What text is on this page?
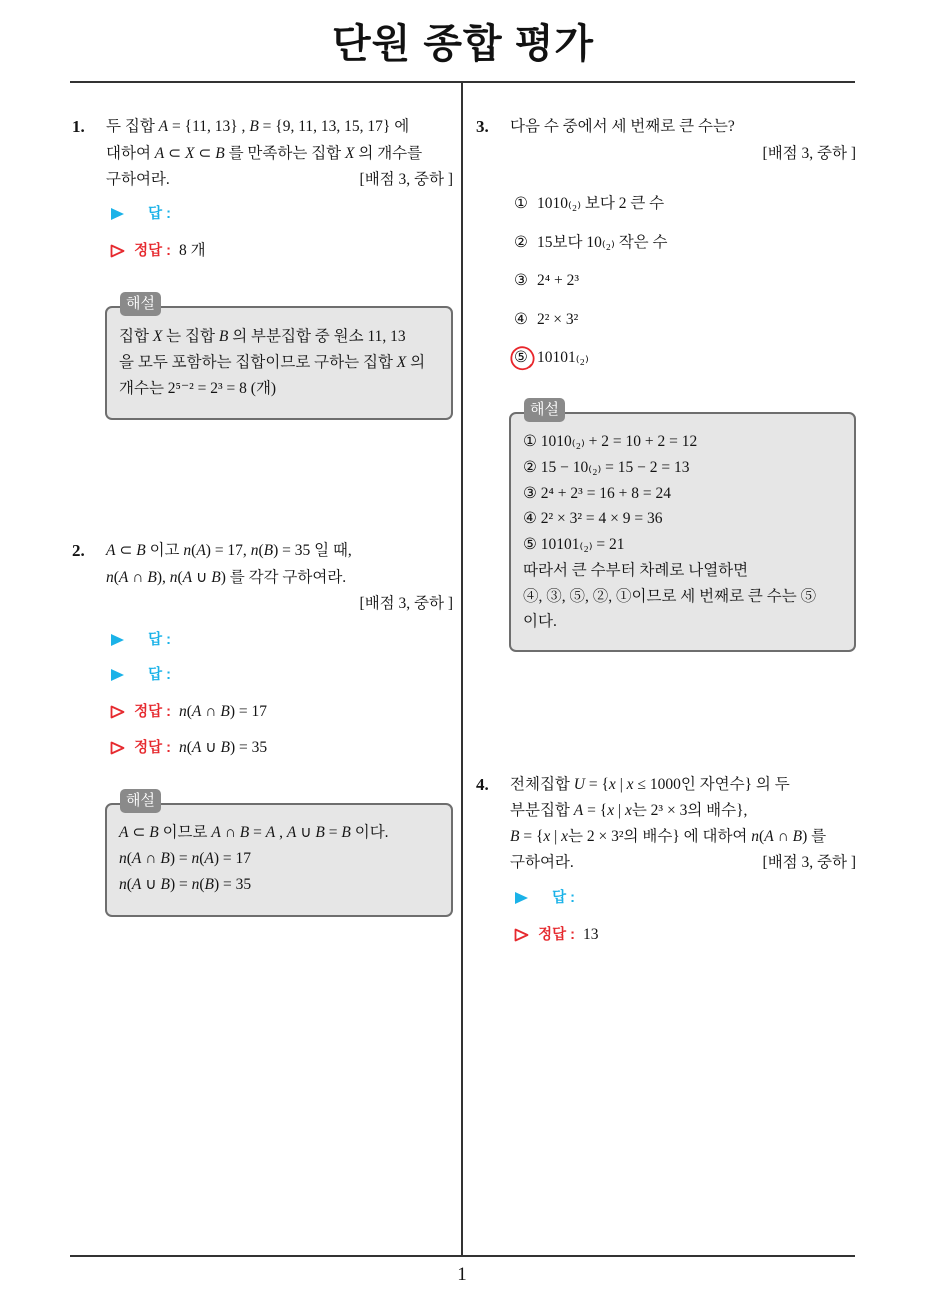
단원 종합 평가
1
1. 두 집합 A = {11, 13} , B = {9, 11, 13, 15, 17} 에
대하여 A ⊂ X ⊂ B 를 만족하는 집합 X 의 개수를
구하여라.	[배점 3, 중하 ]
답 :
정답 : 8 개
해설
집합 X 는 집합 B 의 부분집합 중 원소 11, 13
을 모두 포함하는 집합이므로 구하는 집합 X 의
개수는 2⁵⁻² = 2³ = 8 (개)
2. A ⊂ B 이고 n(A) = 17, n(B) = 35 일 때,
n(A ∩ B), n(A ∪ B) 를 각각 구하여라.
[배점 3, 중하 ]
답 :
답 :
정답 : n(A ∩ B) = 17
정답 : n(A ∪ B) = 35
해설
A ⊂ B 이므로 A ∩ B = A , A ∪ B = B 이다.
n(A ∩ B) = n(A) = 17
n(A ∪ B) = n(B) = 35
3. 다음 수 중에서 세 번째로 큰 수는?
[배점 3, 중하 ]
① 1010₍₂₎ 보다 2 큰 수
② 15보다 10₍₂₎ 작은 수
③ 2⁴ + 2³
④ 2² × 3²
⑤ 10101₍₂₎
해설
① 1010₍₂₎ + 2 = 10 + 2 = 12
② 15 − 10₍₂₎ = 15 − 2 = 13
③ 2⁴ + 2³ = 16 + 8 = 24
④ 2² × 3² = 4 × 9 = 36
⑤ 10101₍₂₎ = 21
따라서 큰 수부터 차례로 나열하면
④, ③, ⑤, ②, ①이므로 세 번째로 큰 수는 ⑤
이다.
4. 전체집합 U = {x | x ≤ 1000인 자연수} 의 두
부분집합 A = {x | x는 2³ × 3의 배수},
B = {x | x는 2 × 3²의 배수} 에 대하여 n(A ∩ B) 를
구하여라.	[배점 3, 중하 ]
답 :
정답 : 13
